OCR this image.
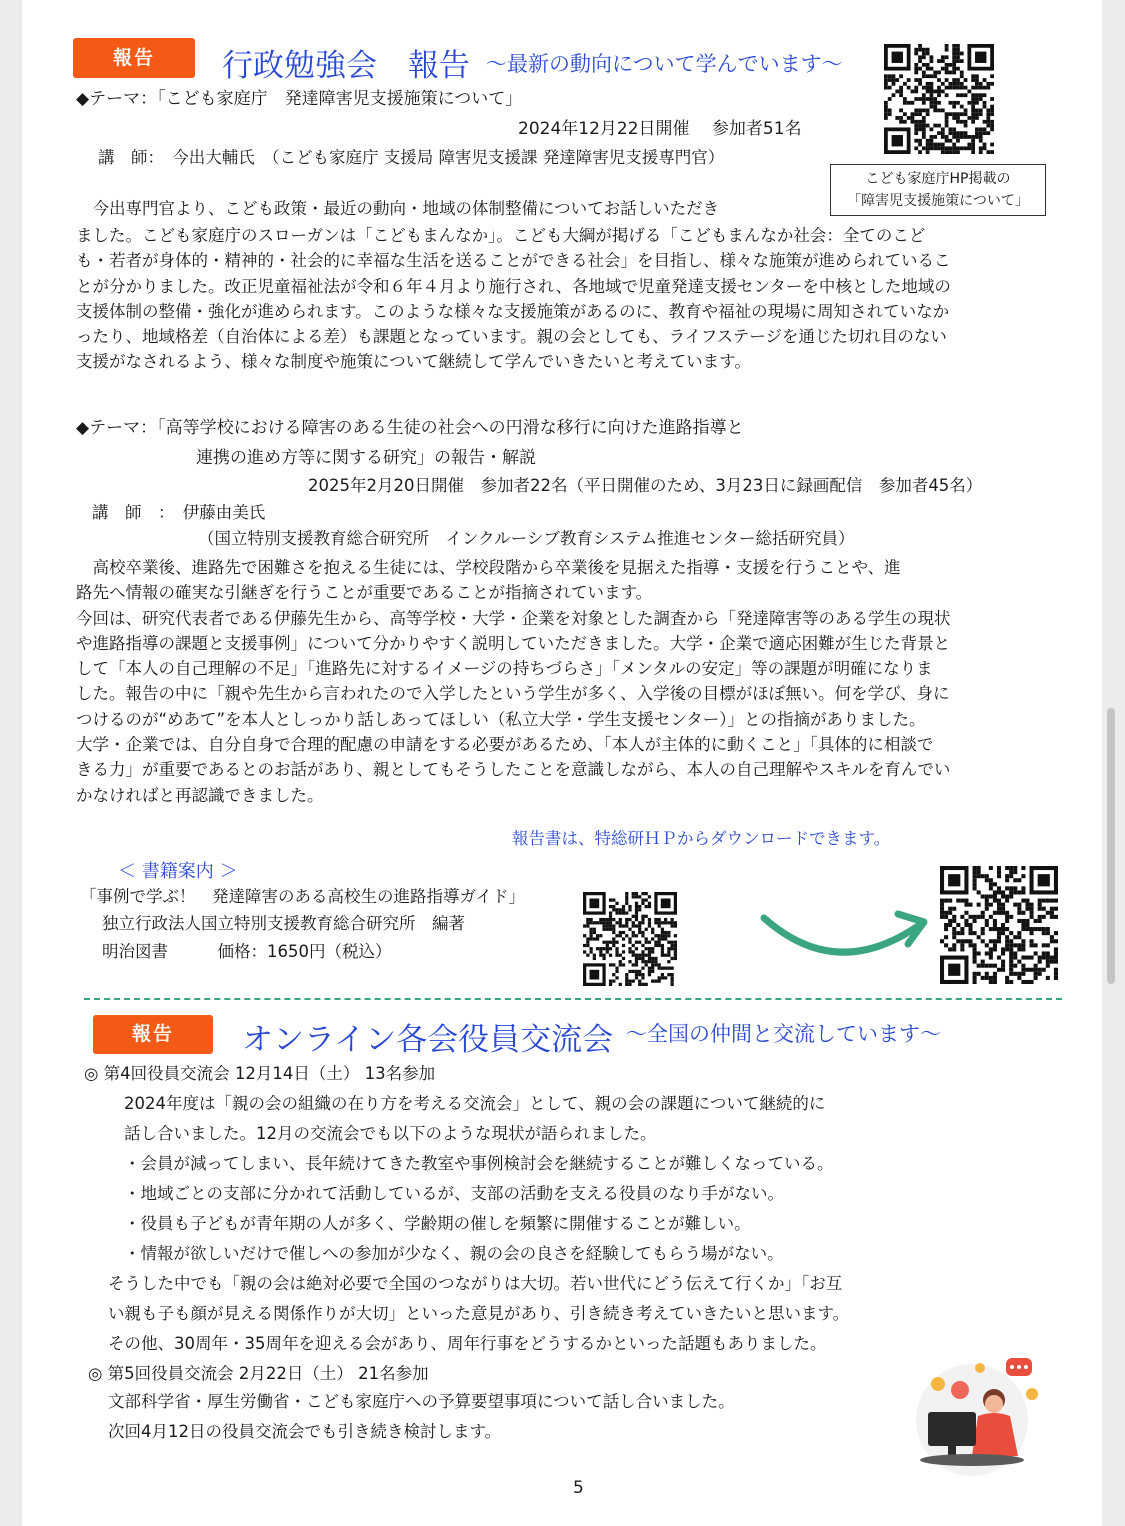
報告	行政勉強会　報告 ～最新の動向について学んでいます～
こども家庭庁HP掲載の
「障害児支援施策について」
◆テーマ：「こども家庭庁　発達障害児支援施策について」
2024年12月22日開催　 参加者51名
講　師：　今出大輔氏　（こども家庭庁 支援局 障害児支援課 発達障害児支援専門官）
　今出専門官より、こども政策・最近の動向・地域の体制整備についてお話しいただき
ました。こども家庭庁のスローガンは「こどもまんなか」。こども大綱が掲げる「こどもまんなか社会：全てのこど
も・若者が身体的・精神的・社会的に幸福な生活を送ることができる社会」を目指し、様々な施策が進められているこ
とが分かりました。改正児童福祉法が令和６年４月より施行され、各地域で児童発達支援センターを中核とした地域の
支援体制の整備・強化が進められます。このような様々な支援施策があるのに、教育や福祉の現場に周知されていなか
ったり、地域格差（自治体による差）も課題となっています。親の会としても、ライフステージを通じた切れ目のない
支援がなされるよう、様々な制度や施策について継続して学んでいきたいと考えています。
◆テーマ：「高等学校における障害のある生徒の社会への円滑な移行に向けた進路指導と
連携の進め方等に関する研究」の報告・解説
2025年2月20日開催　参加者22名（平日開催のため、3月23日に録画配信　参加者45名）
講　師　：　伊藤由美氏
（国立特別支援教育総合研究所　インクルーシブ教育システム推進センター総括研究員）
　高校卒業後、進路先で困難さを抱える生徒には、学校段階から卒業後を見据えた指導・支援を行うことや、進
路先へ情報の確実な引継ぎを行うことが重要であることが指摘されています。
今回は、研究代表者である伊藤先生から、高等学校・大学・企業を対象とした調査から「発達障害等のある学生の現状
や進路指導の課題と支援事例」について分かりやすく説明していただきました。大学・企業で適応困難が生じた背景と
して「本人の自己理解の不足」「進路先に対するイメージの持ちづらさ」「メンタルの安定」等の課題が明確になりま
した。報告の中に「親や先生から言われたので入学したという学生が多く、入学後の目標がほぼ無い。何を学び、身に
つけるのが“めあて”を本人としっかり話しあってほしい（私立大学・学生支援センター）」との指摘がありました。
大学・企業では、自分自身で合理的配慮の申請をする必要があるため、「本人が主体的に動くこと」「具体的に相談で
きる力」が重要であるとのお話があり、親としてもそうしたことを意識しながら、本人の自己理解やスキルを育んでい
かなければと再認識できました。
報告書は、特総研ＨＰからダウンロードできます。
＜ 書籍案内 ＞
「事例で学ぶ！　発達障害のある高校生の進路指導ガイド」
独立行政法人国立特別支援教育総合研究所　編著
明治図書　　　価格：1650円（税込）
報告	オンライン各会役員交流会 ～全国の仲間と交流しています～
◎ 第4回役員交流会 12月14日（土） 13名参加
2024年度は「親の会の組織の在り方を考える交流会」として、親の会の課題について継続的に
話し合いました。12月の交流会でも以下のような現状が語られました。
・会員が減ってしまい、長年続けてきた教室や事例検討会を継続することが難しくなっている。
・地域ごとの支部に分かれて活動しているが、支部の活動を支える役員のなり手がない。
・役員も子どもが青年期の人が多く、学齢期の催しを頻繁に開催することが難しい。
・情報が欲しいだけで催しへの参加が少なく、親の会の良さを経験してもらう場がない。
そうした中でも「親の会は絶対必要で全国のつながりは大切。若い世代にどう伝えて行くか」「お互
い親も子も顔が見える関係作りが大切」といった意見があり、引き続き考えていきたいと思います。
その他、30周年・35周年を迎える会があり、周年行事をどうするかといった話題もありました。
◎ 第5回役員交流会 2月22日（土） 21名参加
文部科学省・厚生労働省・こども家庭庁への予算要望事項について話し合いました。
次回4月12日の役員交流会でも引き続き検討します。
5
